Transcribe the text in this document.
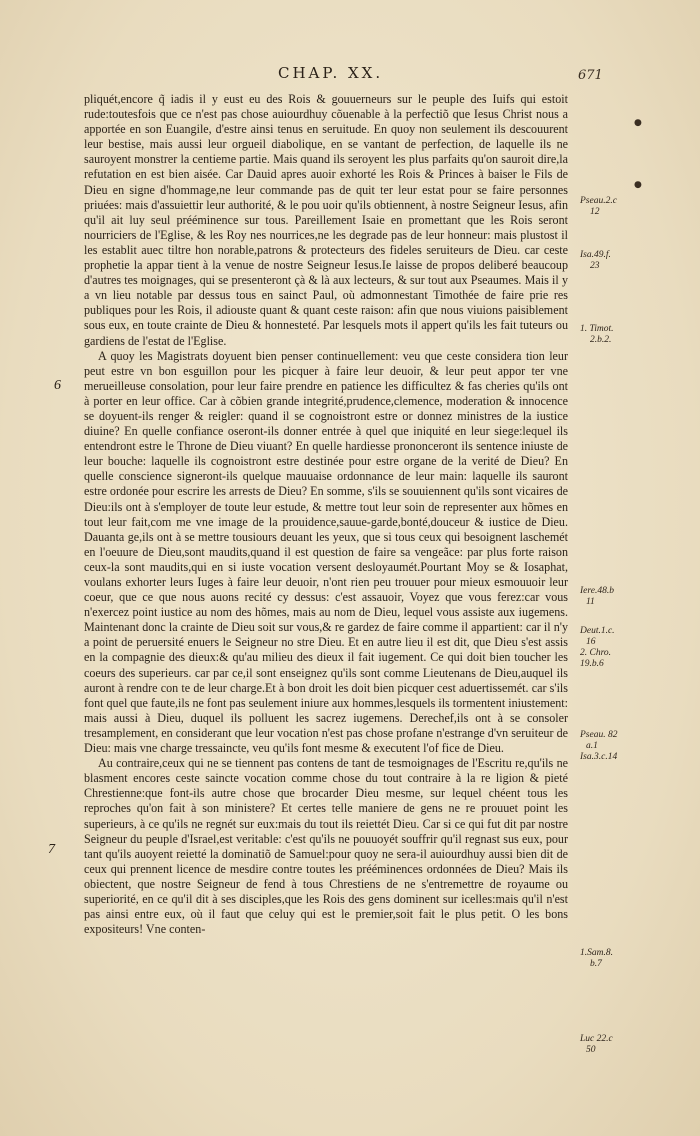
CHAP. XX.	671
●
●
6
7

pliquét,encore q̃ iadis il y eust eu des Rois & gouuerneurs sur le peuple des Iuifs qui estoit rude:toutesfois que ce n'est pas chose auiourdhuy cõuenable à la perfectiõ que Iesus Christ nous a apportée en son Euangile, d'estre ainsi tenus en seruitude. En quoy non seulement ils descouurent leur bestise, mais aussi leur orgueil diabolique, en se vantant de perfection, de laquelle ils ne sauroyent monstrer la centieme partie. Mais quand ils seroyent les plus parfaits qu'on sauroit dire,la refutation en est bien aisée. Car Dauid apres auoir exhorté les Rois & Princes à baiser le Fils de Dieu en signe d'hommage,ne leur commande pas de quit ter leur estat pour se faire personnes priuées: mais d'assuiettir leur authorité, & le pou uoir qu'ils obtiennent, à nostre Seigneur Iesus, afin qu'il ait luy seul prééminence sur tous. Pareillement Isaie en promettant que les Rois seront nourriciers de l'Eglise, & les Roy nes nourrices,ne les degrade pas de leur honneur: mais plustost il les establit auec tiltre hon norable,patrons & protecteurs des fideles seruiteurs de Dieu. car ceste prophetie la appar tient à la venue de nostre Seigneur Iesus.Ie laisse de propos deliberé beaucoup d'autres tes moignages, qui se presenteront çà & là aux lecteurs, & sur tout aux Pseaumes. Mais il y a vn lieu notable par dessus tous en sainct Paul, où admonnestant Timothée de faire prie res publiques pour les Rois, il adiouste quant & quant ceste raison: afin que nous viuions paisiblement sous eux, en toute crainte de Dieu & honnesteté. Par lesquels mots il appert qu'ils les fait tuteurs ou gardiens de l'estat de l'Eglise.

A quoy les Magistrats doyuent bien penser continuellement: veu que ceste considera tion leur peut estre vn bon esguillon pour les picquer à faire leur deuoir, & leur peut appor ter vne merueilleuse consolation, pour leur faire prendre en patience les difficultez & fas cheries qu'ils ont à porter en leur office. Car à cõbien grande integrité,prudence,clemence, moderation & innocence se doyuent-ils renger & reigler: quand il se cognoistront estre or donnez ministres de la iustice diuine? En quelle confiance oseront-ils donner entrée à quel que iniquité en leur siege:lequel ils entendront estre le Throne de Dieu viuant? En quelle hardiesse prononceront ils sentence iniuste de leur bouche: laquelle ils cognoistront estre destinée pour estre organe de la verité de Dieu? En quelle conscience signeront-ils quelque mauuaise ordonnance de leur main: laquelle ils sauront estre ordonée pour escrire les arrests de Dieu? En somme, s'ils se souuiennent qu'ils sont vicaires de Dieu:ils ont à s'employer de toute leur estude, & mettre tout leur soin de representer aux hõmes en tout leur fait,com me vne image de la prouidence,sauue-garde,bonté,douceur & iustice de Dieu. Dauanta ge,ils ont à se mettre tousiours deuant les yeux, que si tous ceux qui besoignent laschemét en l'oeuure de Dieu,sont maudits,quand il est question de faire sa vengeãce: par plus forte raison ceux-la sont maudits,qui en si iuste vocation versent desloyaumét.Pourtant Moy se & Iosaphat, voulans exhorter leurs Iuges à faire leur deuoir, n'ont rien peu trouuer pour mieux esmouuoir leur coeur, que ce que nous auons recité cy dessus: c'est assauoir, Voyez que vous ferez:car vous n'exercez point iustice au nom des hõmes, mais au nom de Dieu, lequel vous assiste aux iugemens. Maintenant donc la crainte de Dieu soit sur vous,& re gardez de faire comme il appartient: car il n'y a point de peruersité enuers le Seigneur no stre Dieu. Et en autre lieu il est dit, que Dieu s'est assis en la compagnie des dieux:& qu'au milieu des dieux il fait iugement. Ce qui doit bien toucher les coeurs des superieurs. car par ce,il sont enseignez qu'ils sont comme Lieutenans de Dieu,auquel ils auront à rendre con te de leur charge.Et à bon droit les doit bien picquer cest aduertissemét. car s'ils font quel que faute,ils ne font pas seulement iniure aux hommes,lesquels ils tormentent iniustement: mais aussi à Dieu, duquel ils polluent les sacrez iugemens. Derechef,ils ont à se consoler tresamplement, en considerant que leur vocation n'est pas chose profane n'estrange d'vn seruiteur de Dieu: mais vne charge tressaincte, veu qu'ils font mesme & executent l'of fice de Dieu.

Au contraire,ceux qui ne se tiennent pas contens de tant de tesmoignages de l'Escritu re,qu'ils ne blasment encores ceste saincte vocation comme chose du tout contraire à la re ligion & pieté Chrestienne:que font-ils autre chose que brocarder Dieu mesme, sur lequel chéent tous les reproches qu'on fait à son ministere? Et certes telle maniere de gens ne re prouuet point les superieurs, à ce qu'ils ne regnét sur eux:mais du tout ils reiettét Dieu. Car si ce qui fut dit par nostre Seigneur du peuple d'Israel,est veritable: c'est qu'ils ne pouuoyét souffrir qu'il regnast sus eux, pour tant qu'ils auoyent reietté la dominatiõ de Samuel:pour quoy ne sera-il auiourdhuy aussi bien dit de ceux qui prennent licence de mesdire contre toutes les prééminences ordonnées de Dieu? Mais ils obiectent, que nostre Seigneur de fend à tous Chrestiens de ne s'entremettre de royaume ou superiorité, en ce qu'il dit à ses disciples,que les Rois des gens dominent sur icelles:mais qu'il n'est pas ainsi entre eux, où il faut que celuy qui est le premier,soit fait le plus petit. O les bons expositeurs! Vne conten-

Pseau.2.c
12
Isa.49.f.
23
1. Timot.
2.b.2.
Iere.48.b
11
Deut.1.c.
16
2. Chro.
19.b.6
Pseau. 82
a.1
Isa.3.c.14
1.Sam.8.
b.7
Luc 22.c
50
